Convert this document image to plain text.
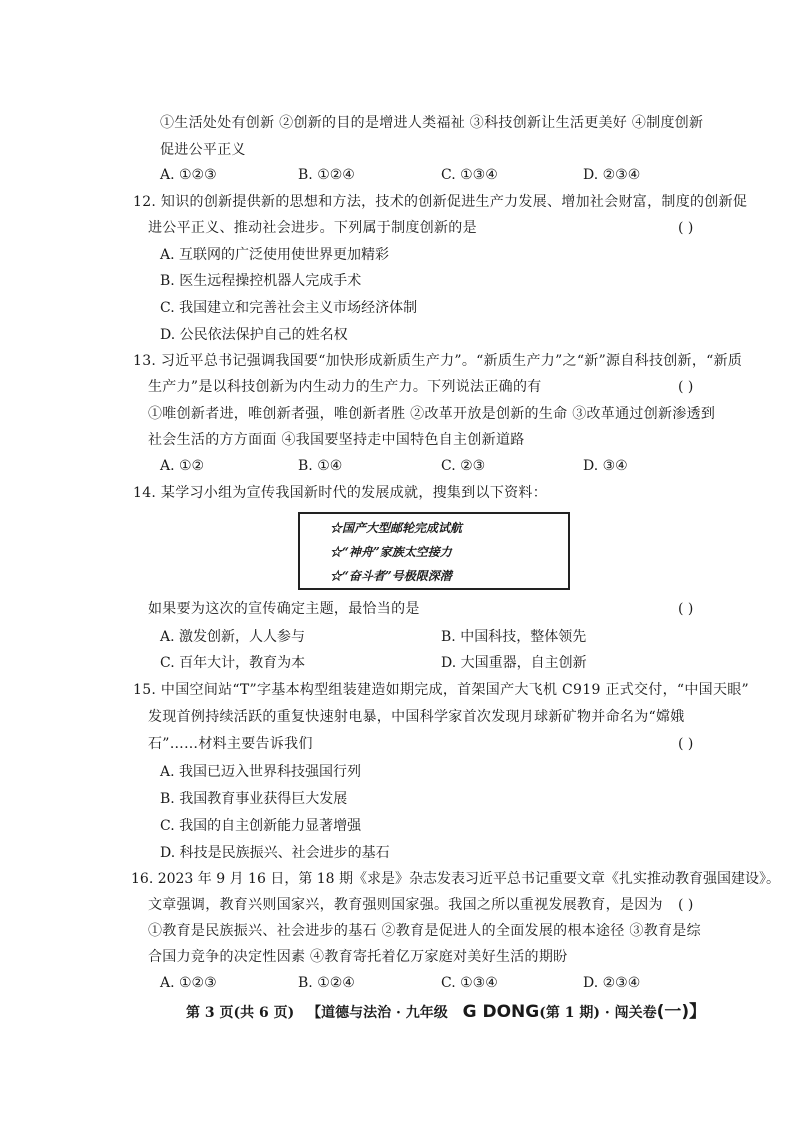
①生活处处有创新 ②创新的目的是增进人类福祉 ③科技创新让生活更美好 ④制度创新
促进公平正义
A. ①②③	B. ①②④	C. ①③④	D. ②③④
12. 知识的创新提供新的思想和方法，技术的创新促进生产力发展、增加社会财富，制度的创新促
进公平正义、推动社会进步。下列属于制度创新的是	( )
A. 互联网的广泛使用使世界更加精彩
B. 医生远程操控机器人完成手术
C. 我国建立和完善社会主义市场经济体制
D. 公民依法保护自己的姓名权
13. 习近平总书记强调我国要“加快形成新质生产力”。“新质生产力”之“新”源自科技创新，“新质
生产力”是以科技创新为内生动力的生产力。下列说法正确的有	( )
①唯创新者进，唯创新者强，唯创新者胜 ②改革开放是创新的生命 ③改革通过创新渗透到
社会生活的方方面面 ④我国要坚持走中国特色自主创新道路
A. ①②	B. ①④	C. ②③	D. ③④
14. 某学习小组为宣传我国新时代的发展成就，搜集到以下资料：
☆国产大型邮轮完成试航
☆“神舟”家族太空接力
☆“奋斗者”号极限深潜
如果要为这次的宣传确定主题，最恰当的是	( )
A. 激发创新，人人参与	B. 中国科技，整体领先
C. 百年大计，教育为本	D. 大国重器，自主创新
15. 中国空间站“T”字基本构型组装建造如期完成，首架国产大飞机 C919 正式交付，“中国天眼”
发现首例持续活跃的重复快速射电暴，中国科学家首次发现月球新矿物并命名为“嫦娥
石”……材料主要告诉我们	( )
A. 我国已迈入世界科技强国行列
B. 我国教育事业获得巨大发展
C. 我国的自主创新能力显著增强
D. 科技是民族振兴、社会进步的基石
16. 2023 年 9 月 16 日，第 18 期《求是》杂志发表习近平总书记重要文章《扎实推动教育强国建设》。
文章强调，教育兴则国家兴，教育强则国家强。我国之所以重视发展教育，是因为 ( )
①教育是民族振兴、社会进步的基石 ②教育是促进人的全面发展的根本途径 ③教育是综
合国力竞争的决定性因素 ④教育寄托着亿万家庭对美好生活的期盼
A. ①②③	B. ①②④	C. ①③④	D. ②③④
第 3 页(共 6 页) 【道德与法治 · 九年级 G DONG(第 1 期) · 闯关卷(一)】
